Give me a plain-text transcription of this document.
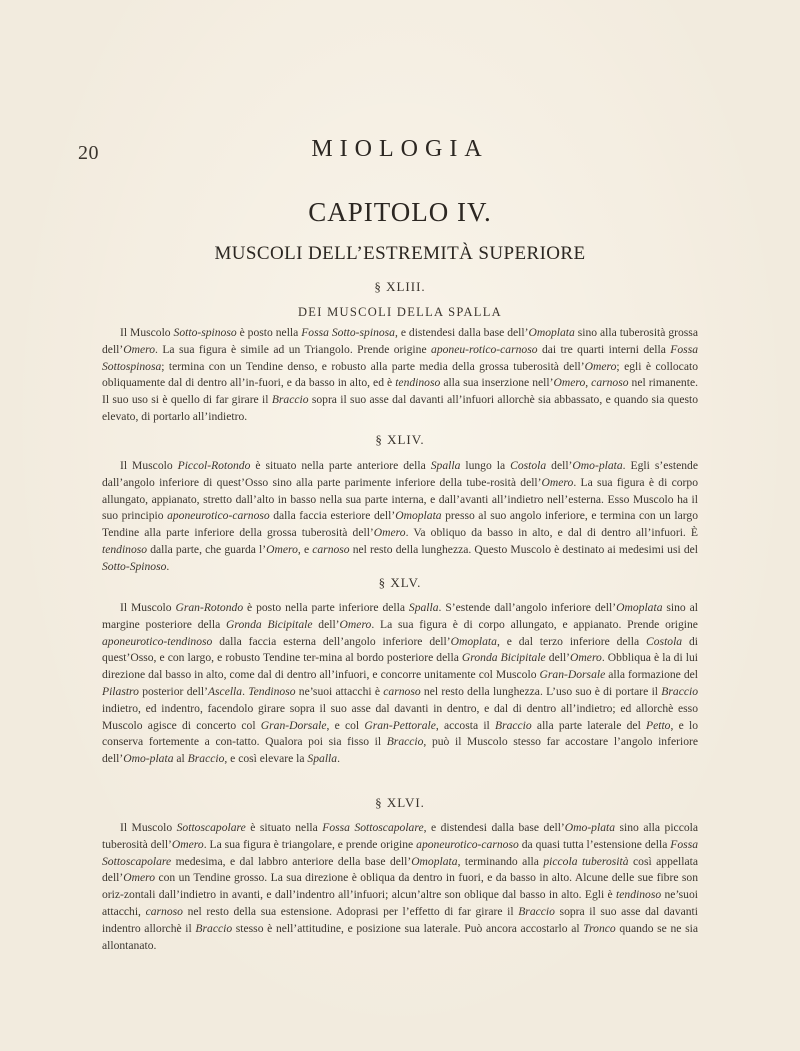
20	MIOLOGIA
CAPITOLO IV.
MUSCOLI DELL’ESTREMITÀ SUPERIORE
§ XLIII.
DEI MUSCOLI DELLA SPALLA

Il Muscolo Sotto-spinoso è posto nella Fossa Sotto-spinosa, e distendesi dalla base dell’Omoplata sino alla tuberosità grossa dell’Omero. La sua figura è simile ad un Triangolo. Prende origine aponeu-rotico-carnoso dai tre quarti interni della Fossa Sottospinosa; termina con un Tendine denso, e robusto alla parte media della grossa tuberosità dell’Omero; egli è collocato obliquamente dal di dentro all’in-fuori, e da basso in alto, ed è tendinoso alla sua inserzione nell’Omero, carnoso nel rimanente. Il suo uso si è quello di far girare il Braccio sopra il suo asse dal davanti all’infuori allorchè sia abbassato, e quando sia questo elevato, di portarlo all’indietro.

§ XLIV.

Il Muscolo Piccol-Rotondo è situato nella parte anteriore della Spalla lungo la Costola dell’Omo-plata. Egli s’estende dall’angolo inferiore di quest’Osso sino alla parte parimente inferiore della tube-rosità dell’Omero. La sua figura è di corpo allungato, appianato, stretto dall’alto in basso nella sua parte interna, e dall’avanti all’indietro nell’esterna. Esso Muscolo ha il suo principio aponeurotico-carnoso dalla faccia esteriore dell’Omoplata presso al suo angolo inferiore, e termina con un largo Tendine alla parte inferiore della grossa tuberosità dell’Omero. Va obliquo da basso in alto, e dal di dentro all’infuori. È tendinoso dalla parte, che guarda l’Omero, e carnoso nel resto della lunghezza. Questo Muscolo è destinato ai medesimi usi del Sotto-Spinoso.

§ XLV.

Il Muscolo Gran-Rotondo è posto nella parte inferiore della Spalla. S’estende dall’angolo inferiore dell’Omoplata sino al margine posteriore della Gronda Bicipitale dell’Omero. La sua figura è di corpo allungato, e appianato. Prende origine aponeurotico-tendinoso dalla faccia esterna dell’angolo inferiore dell’Omoplata, e dal terzo inferiore della Costola di quest’Osso, e con largo, e robusto Tendine ter-mina al bordo posteriore della Gronda Bicipitale dell’Omero. Obbliqua è la di lui direzione dal basso in alto, come dal di dentro all’infuori, e concorre unitamente col Muscolo Gran-Dorsale alla formazione del Pilastro posterior dell’Ascella. Tendinoso ne’suoi attacchi è carnoso nel resto della lunghezza. L’uso suo è di portare il Braccio indietro, ed indentro, facendolo girare sopra il suo asse dal davanti in dentro, e dal di dentro all’indietro; ed allorchè esso Muscolo agisce di concerto col Gran-Dorsale, e col Gran-Pettorale, accosta il Braccio alla parte laterale del Petto, e lo conserva fortemente a con-tatto. Qualora poi sia fisso il Braccio, può il Muscolo stesso far accostare l’angolo inferiore dell’Omo-plata al Braccio, e così elevare la Spalla.

§ XLVI.

Il Muscolo Sottoscapolare è situato nella Fossa Sottoscapolare, e distendesi dalla base dell’Omo-plata sino alla piccola tuberosità dell’Omero. La sua figura è triangolare, e prende origine aponeurotico-carnoso da quasi tutta l’estensione della Fossa Sottoscapolare medesima, e dal labbro anteriore della base dell’Omoplata, terminando alla piccola tuberosità così appellata dell’Omero con un Tendine grosso. La sua direzione è obliqua da dentro in fuori, e da basso in alto. Alcune delle sue fibre son oriz-zontali dall’indietro in avanti, e dall’indentro all’infuori; alcun’altre son oblique dal basso in alto. Egli è tendinoso ne’suoi attacchi, carnoso nel resto della sua estensione. Adoprasi per l’effetto di far girare il Braccio sopra il suo asse dal davanti indentro allorchè il Braccio stesso è nell’attitudine, e posizione sua laterale. Può ancora accostarlo al Tronco quando se ne sia allontanato.
